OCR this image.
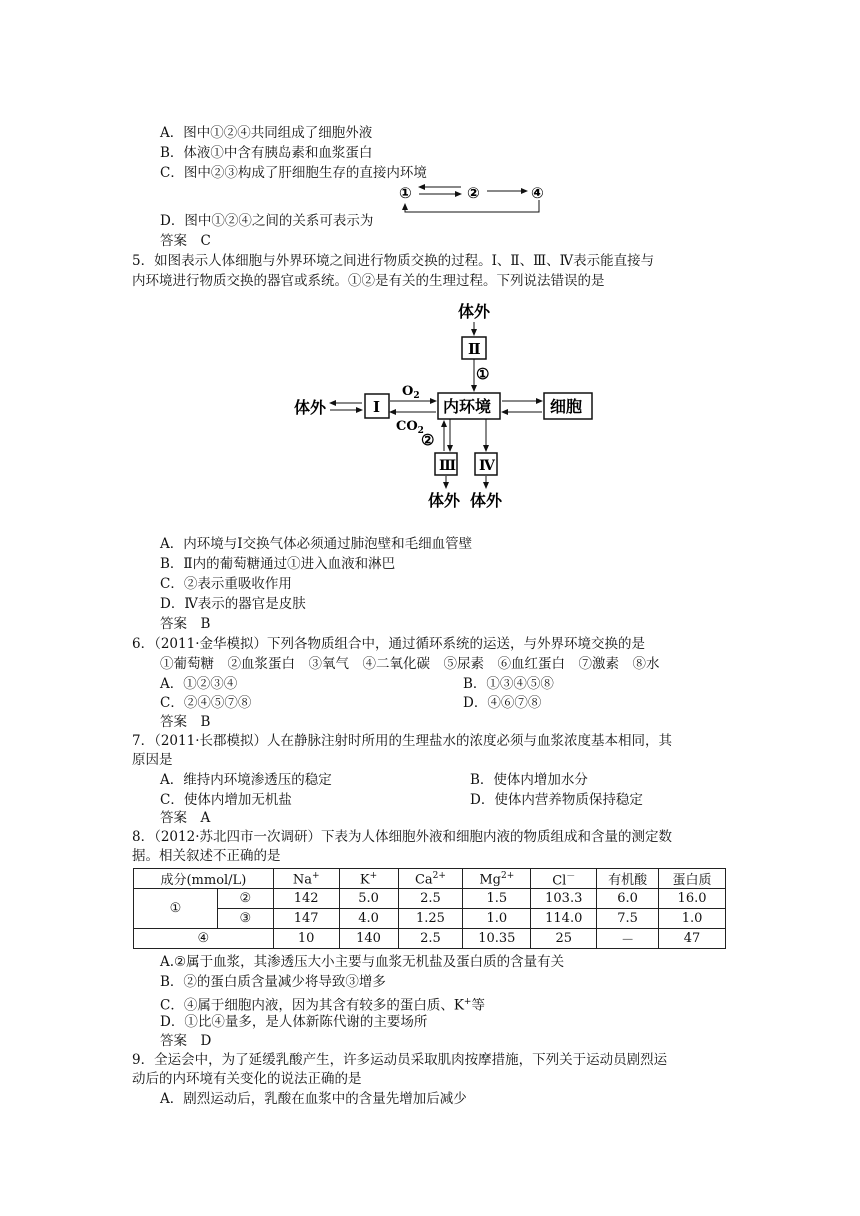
A．图中①②④共同组成了细胞外液
B．体液①中含有胰岛素和血浆蛋白
C．图中②③构成了肝细胞生存的直接内环境
D．图中①②④之间的关系可表示为
①	②	④
答案　C
5．如图表示人体细胞与外界环境之间进行物质交换的过程。Ⅰ、Ⅱ、Ⅲ、Ⅳ表示能直接与
内环境进行物质交换的器官或系统。①②是有关的生理过程。下列说法错误的是
体外
Ⅱ
①
体外	Ⅰ
$O_2$
$CO_2$
内环境	细胞
②
Ⅲ
体外
Ⅳ
体外
A．内环境与Ⅰ交换气体必须通过肺泡壁和毛细血管壁
B．Ⅱ内的葡萄糖通过①进入血液和淋巴
C．②表示重吸收作用
D．Ⅳ表示的器官是皮肤
答案　B
6．（2011·金华模拟）下列各物质组合中，通过循环系统的运送，与外界环境交换的是
①葡萄糖　②血浆蛋白　③氧气　④二氧化碳　⑤尿素　⑥血红蛋白　⑦激素　⑧水
A．①②③④	B．①③④⑤⑧
C．②④⑤⑦⑧	D．④⑥⑦⑧
答案　B
7．（2011·长郡模拟）人在静脉注射时所用的生理盐水的浓度必须与血浆浓度基本相同，其
原因是
A．维持内环境渗透压的稳定	B．使体内增加水分
C．使体内增加无机盐	D．使体内营养物质保持稳定
答案　A
8．（2012·苏北四市一次调研）下表为人体细胞外液和细胞内液的物质组成和含量的测定数
据。相关叙述不正确的是
成分(mmol/L)		Na+	K+	$Ca^{2+}$	$Mg^{2+}$	Cl－	有机酸	蛋白质
①	②	142	5.0	2.5	1.5	103.3	6.0	16.0
	③	147	4.0	1.25	1.0	114.0	7.5	1.0
④		10	140	2.5	10.35	25	－	47
A.②属于血浆，其渗透压大小主要与血浆无机盐及蛋白质的含量有关
B．②的蛋白质含量减少将导致③增多
C．④属于细胞内液，因为其含有较多的蛋白质、K+等
D．①比④量多，是人体新陈代谢的主要场所
答案　D
9．全运会中，为了延缓乳酸产生，许多运动员采取肌肉按摩措施，下列关于运动员剧烈运
动后的内环境有关变化的说法正确的是
A．剧烈运动后，乳酸在血浆中的含量先增加后减少
